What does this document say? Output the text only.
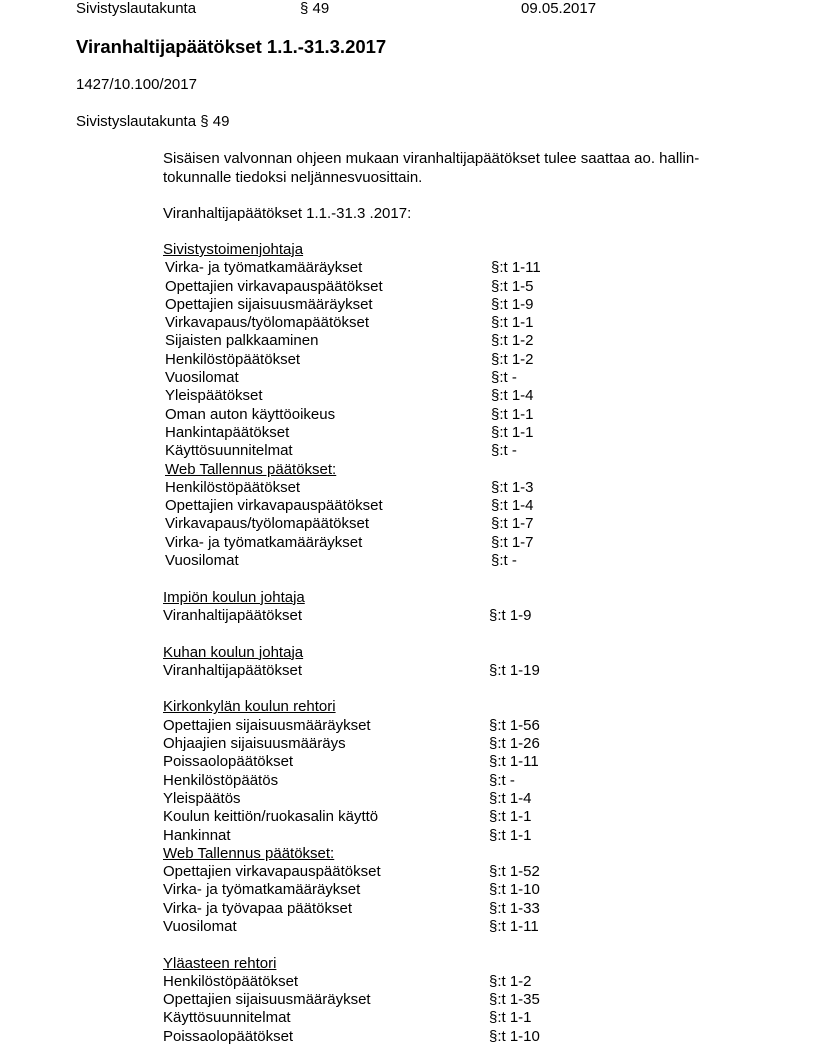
Sivistyslautakunta	§ 49	09.05.2017
Viranhaltijapäätökset 1.1.-31.3.2017
1427/10.100/2017
Sivistyslautakunta § 49
Sisäisen valvonnan ohjeen mukaan viranhaltijapäätökset tulee saattaa ao. hallin-
tokunnalle tiedoksi neljännesvuosittain.
Viranhaltijapäätökset 1.1.-31.3 .2017:
Sivistystoimenjohtaja
Virka- ja työmatkamääräykset	§:t 1-11
Opettajien virkavapauspäätökset	§:t 1-5
Opettajien sijaisuusmääräykset	§:t 1-9
Virkavapaus/työlomapäätökset	§:t 1-1
Sijaisten palkkaaminen	§:t 1-2
Henkilöstöpäätökset	§:t 1-2
Vuosilomat	§:t -
Yleispäätökset	§:t 1-4
Oman auton käyttöoikeus	§:t 1-1
Hankintapäätökset	§:t 1-1
Käyttösuunnitelmat	§:t -
Web Tallennus päätökset:
Henkilöstöpäätökset	§:t 1-3
Opettajien virkavapauspäätökset	§:t 1-4
Virkavapaus/työlomapäätökset	§:t 1-7
Virka- ja työmatkamääräykset	§:t 1-7
Vuosilomat	§:t -
Impiön koulun johtaja
Viranhaltijapäätökset	§:t 1-9
Kuhan koulun johtaja
Viranhaltijapäätökset	§:t 1-19
Kirkonkylän koulun rehtori
Opettajien sijaisuusmääräykset	§:t 1-56
Ohjaajien sijaisuusmääräys	§:t 1-26
Poissaolopäätökset	§:t 1-11
Henkilöstöpäätös	§:t -
Yleispäätös	§:t 1-4
Koulun keittiön/ruokasalin käyttö	§:t 1-1
Hankinnat	§:t 1-1
Web Tallennus päätökset:
Opettajien virkavapauspäätökset	§:t 1-52
Virka- ja työmatkamääräykset	§:t 1-10
Virka- ja työvapaa päätökset	§:t 1-33
Vuosilomat	§:t 1-11
Yläasteen rehtori
Henkilöstöpäätökset	§:t 1-2
Opettajien sijaisuusmääräykset	§:t 1-35
Käyttösuunnitelmat	§:t 1-1
Poissaolopäätökset	§:t 1-10
